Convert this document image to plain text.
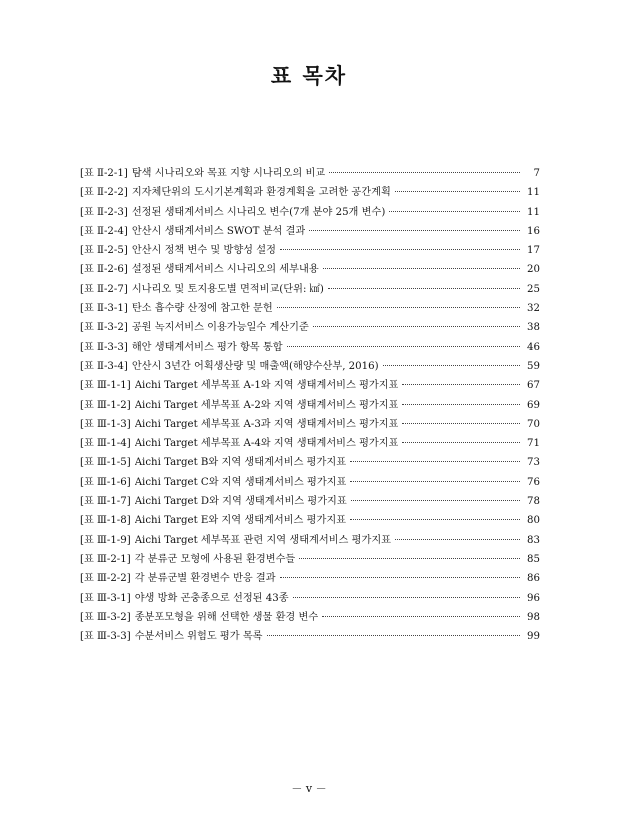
표 목차
[표 Ⅱ-2-1] 탐색 시나리오와 목표 지향 시나리오의 비교	7
[표 Ⅱ-2-2] 지자체단위의 도시기본계획과 환경계획을 고려한 공간계획	11
[표 Ⅱ-2-3] 선정된 생태계서비스 시나리오 변수(7개 분야 25개 변수)	11
[표 Ⅱ-2-4] 안산시 생태계서비스 SWOT 분석 결과	16
[표 Ⅱ-2-5] 안산시 정책 변수 및 방향성 설정	17
[표 Ⅱ-2-6] 설정된 생태계서비스 시나리오의 세부내용	20
[표 Ⅱ-2-7] 시나리오 및 토지용도별 면적비교(단위: ㎢)	25
[표 Ⅱ-3-1] 탄소 흡수량 산정에 참고한 문헌	32
[표 Ⅱ-3-2] 공원 녹지서비스 이용가능일수 계산기준	38
[표 Ⅱ-3-3] 해안 생태계서비스 평가 항목 통합	46
[표 Ⅱ-3-4] 안산시 3년간 어획생산량 및 매출액(해양수산부, 2016)	59
[표 Ⅲ-1-1] Aichi Target 세부목표 A-1와 지역 생태계서비스 평가지표	67
[표 Ⅲ-1-2] Aichi Target 세부목표 A-2와 지역 생태계서비스 평가지표	69
[표 Ⅲ-1-3] Aichi Target 세부목표 A-3과 지역 생태계서비스 평가지표	70
[표 Ⅲ-1-4] Aichi Target 세부목표 A-4와 지역 생태계서비스 평가지표	71
[표 Ⅲ-1-5] Aichi Target B와 지역 생태계서비스 평가지표	73
[표 Ⅲ-1-6] Aichi Target C와 지역 생태계서비스 평가지표	76
[표 Ⅲ-1-7] Aichi Target D와 지역 생태계서비스 평가지표	78
[표 Ⅲ-1-8] Aichi Target E와 지역 생태계서비스 평가지표	80
[표 Ⅲ-1-9] Aichi Target 세부목표 관련 지역 생태계서비스 평가지표	83
[표 Ⅲ-2-1] 각 분류군 모형에 사용된 환경변수들	85
[표 Ⅲ-2-2] 각 분류군별 환경변수 반응 결과	86
[표 Ⅲ-3-1] 야생 방화 곤충종으로 선정된 43종	96
[표 Ⅲ-3-2] 종분포모형을 위해 선택한 생물 환경 변수	98
[표 Ⅲ-3-3] 수분서비스 위험도 평가 목록	99
－ ⅴ －
